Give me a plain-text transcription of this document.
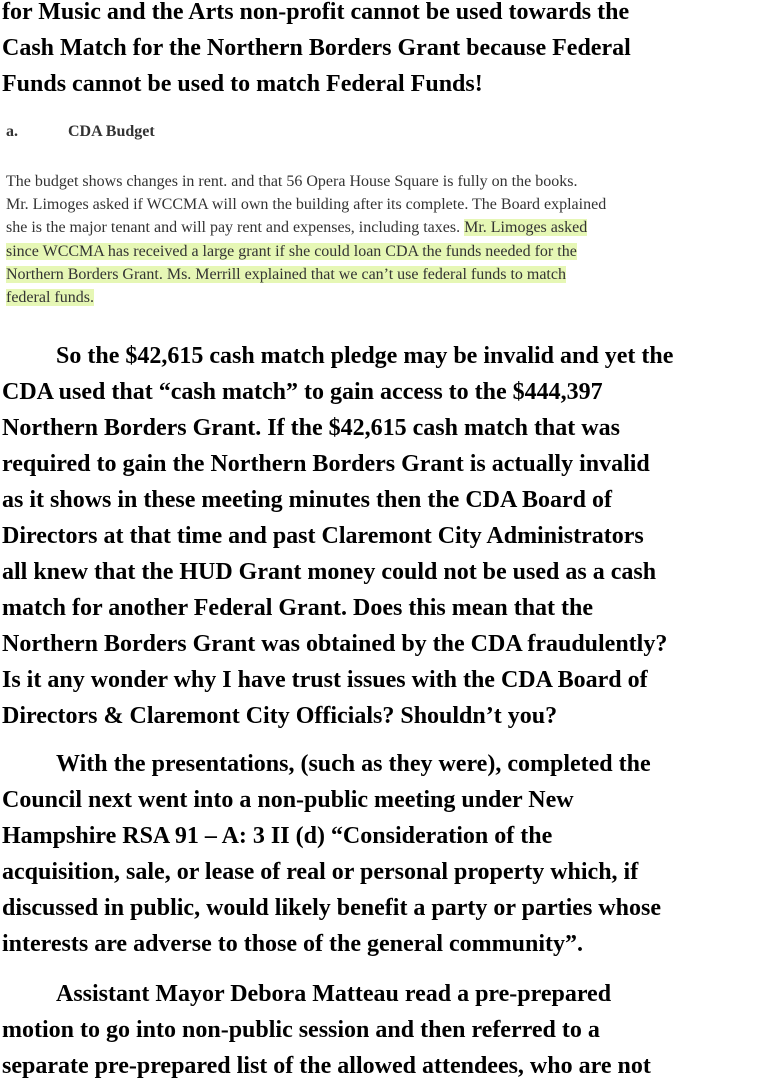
for Music and the Arts non-profit cannot be used towards the
Cash Match for the Northern Borders Grant because Federal
Funds cannot be used to match Federal Funds!
a.	CDA Budget
The budget shows changes in rent. and that 56 Opera House Square is fully on the books.
Mr. Limoges asked if WCCMA will own the building after its complete. The Board explained
she is the major tenant and will pay rent and expenses, including taxes. Mr. Limoges asked
since WCCMA has received a large grant if she could loan CDA the funds needed for the
Northern Borders Grant. Ms. Merrill explained that we can’t use federal funds to match
federal funds.
So the $42,615 cash match pledge may be invalid and yet the
CDA used that “cash match” to gain access to the $444,397
Northern Borders Grant. If the $42,615 cash match that was
required to gain the Northern Borders Grant is actually invalid
as it shows in these meeting minutes then the CDA Board of
Directors at that time and past Claremont City Administrators
all knew that the HUD Grant money could not be used as a cash
match for another Federal Grant. Does this mean that the
Northern Borders Grant was obtained by the CDA fraudulently?
Is it any wonder why I have trust issues with the CDA Board of
Directors & Claremont City Officials? Shouldn’t you?
With the presentations, (such as they were), completed the
Council next went into a non-public meeting under New
Hampshire RSA 91 – A: 3 II (d) “Consideration of the
acquisition, sale, or lease of real or personal property which, if
discussed in public, would likely benefit a party or parties whose
interests are adverse to those of the general community”.
Assistant Mayor Debora Matteau read a pre-prepared
motion to go into non-public session and then referred to a
separate pre-prepared list of the allowed attendees, who are not
